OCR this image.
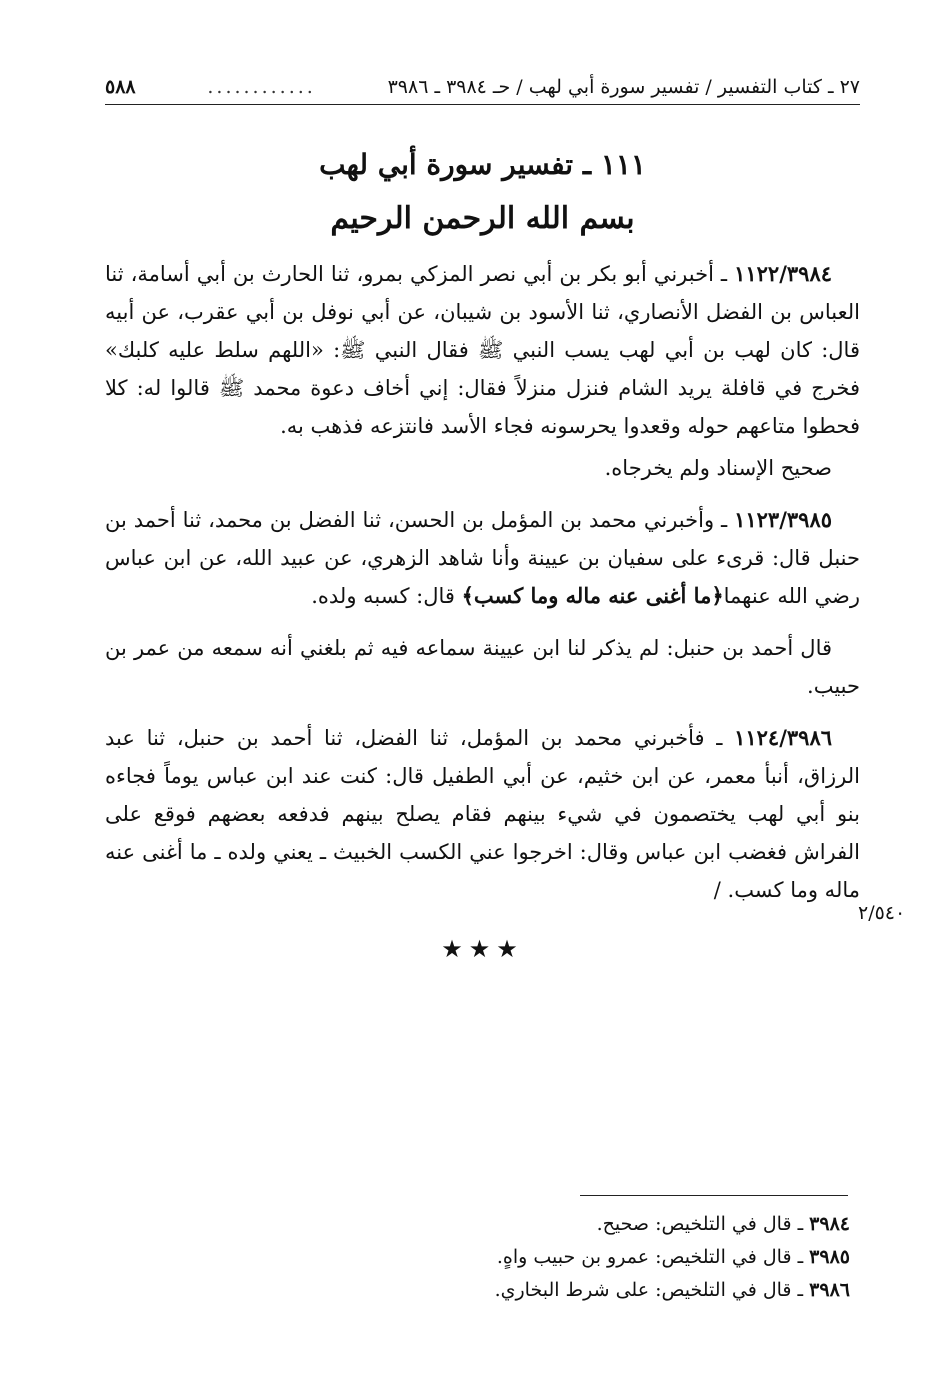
٢٧ ـ كتاب التفسير / تفسير سورة أبي لهب / حـ ٣٩٨٤ ـ ٣٩٨٦
............
٥٨٨
١١١ ـ تفسير سورة أبي لهب
بسم الله الرحمن الرحيم
١١٢٢/٣٩٨٤ ـ أخبرني أبو بكر بن أبي نصر المزكي بمرو، ثنا الحارث بن أبي أسامة، ثنا العباس بن الفضل الأنصاري، ثنا الأسود بن شيبان، عن أبي نوفل بن أبي عقرب، عن أبيه قال: كان لهب بن أبي لهب يسب النبي ﷺ فقال النبي ﷺ: «اللهم سلط عليه كلبك» فخرج في قافلة يريد الشام فنزل منزلاً فقال: إني أخاف دعوة محمد ﷺ قالوا له: كلا فحطوا متاعهم حوله وقعدوا يحرسونه فجاء الأسد فانتزعه فذهب به.
صحيح الإسناد ولم يخرجاه.
١١٢٣/٣٩٨٥ ـ وأخبرني محمد بن المؤمل بن الحسن، ثنا الفضل بن محمد، ثنا أحمد بن حنبل قال: قرىء على سفيان بن عيينة وأنا شاهد الزهري، عن عبيد الله، عن ابن عباس رضي الله عنهما﴿ما أغنى عنه ماله وما كسب﴾ قال: كسبه ولده.
قال أحمد بن حنبل: لم يذكر لنا ابن عيينة سماعه فيه ثم بلغني أنه سمعه من عمر بن حبيب.
١١٢٤/٣٩٨٦ ـ فأخبرني محمد بن المؤمل، ثنا الفضل، ثنا أحمد بن حنبل، ثنا عبد الرزاق، أنبأ معمر، عن ابن خثيم، عن أبي الطفيل قال: كنت عند ابن عباس يوماً فجاءه بنو أبي لهب يختصمون في شيء بينهم فقام يصلح بينهم فدفعه بعضهم فوقع على الفراش فغضب ابن عباس وقال: اخرجوا عني الكسب الخبيث ـ يعني ولده ـ ما أغنى عنه ماله وما كسب. /
★★★
٢/٥٤٠
٣٩٨٤ ـ قال في التلخيص: صحيح.
٣٩٨٥ ـ قال في التلخيص: عمرو بن حبيب واهٍ.
٣٩٨٦ ـ قال في التلخيص: على شرط البخاري.
